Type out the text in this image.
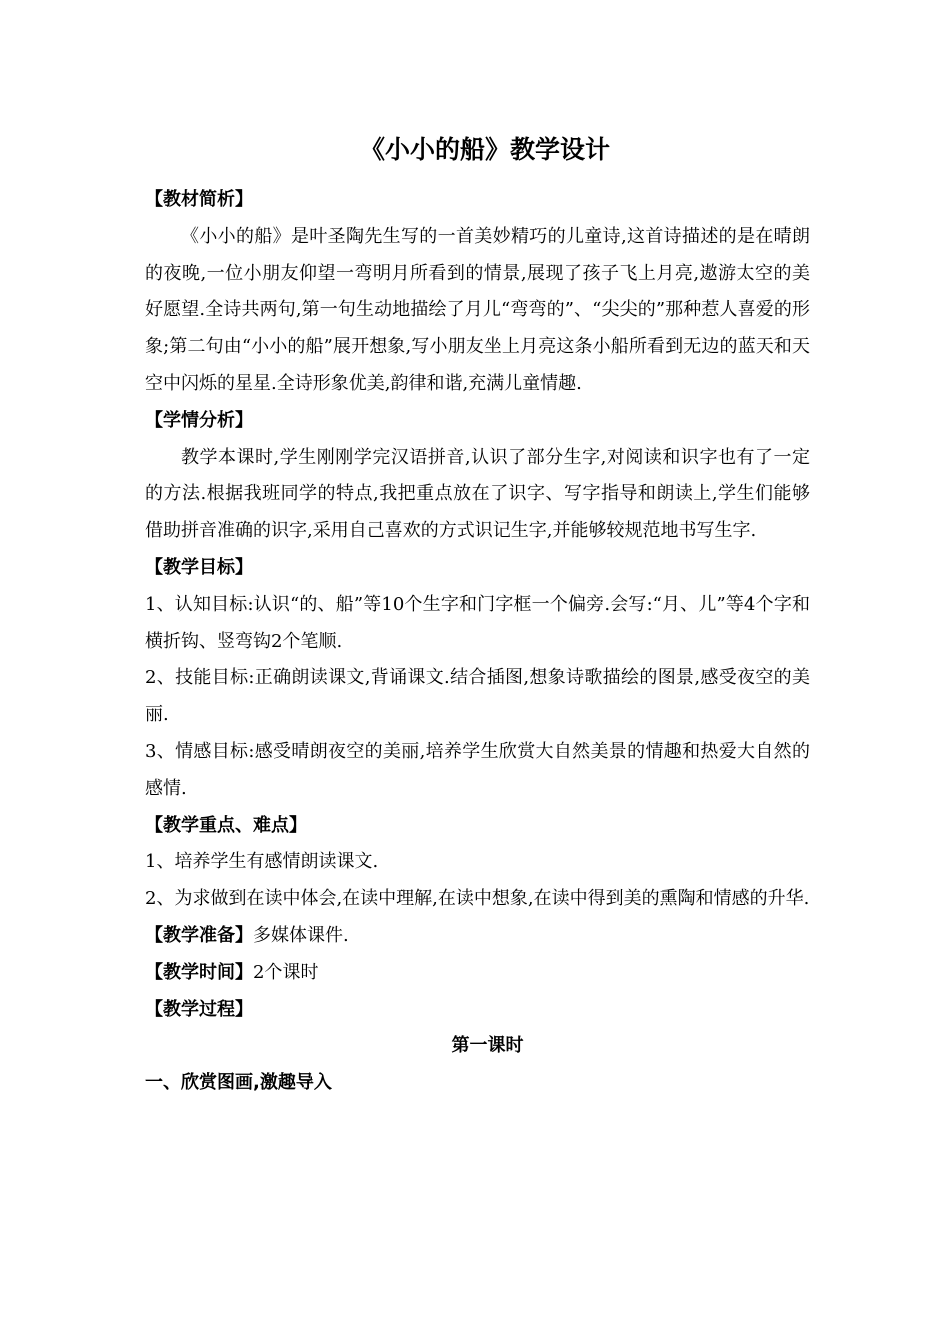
《小小的船》教学设计

【教材简析】

《小小的船》是叶圣陶先生写的一首美妙精巧的儿童诗,这首诗描述的是在晴朗的夜晚,一位小朋友仰望一弯明月所看到的情景,展现了孩子飞上月亮,遨游太空的美好愿望.全诗共两句,第一句生动地描绘了月儿“弯弯的”、“尖尖的”那种惹人喜爱的形象;第二句由“小小的船”展开想象,写小朋友坐上月亮这条小船所看到无边的蓝天和天空中闪烁的星星.全诗形象优美,韵律和谐,充满儿童情趣.

【学情分析】

教学本课时,学生刚刚学完汉语拼音,认识了部分生字,对阅读和识字也有了一定的方法.根据我班同学的特点,我把重点放在了识字、写字指导和朗读上,学生们能够借助拼音准确的识字,采用自己喜欢的方式识记生字,并能够较规范地书写生字.

【教学目标】

1、认知目标:认识“的、船”等10个生字和门字框一个偏旁.会写:“月、儿”等4个字和横折钩、竖弯钩2个笔顺.

2、技能目标:正确朗读课文,背诵课文.结合插图,想象诗歌描绘的图景,感受夜空的美丽.

3、情感目标:感受晴朗夜空的美丽,培养学生欣赏大自然美景的情趣和热爱大自然的感情.

【教学重点、难点】

1、培养学生有感情朗读课文.

2、为求做到在读中体会,在读中理解,在读中想象,在读中得到美的熏陶和情感的升华.

【教学准备】多媒体课件.

【教学时间】2个课时

【教学过程】

第一课时

一、欣赏图画,激趣导入
